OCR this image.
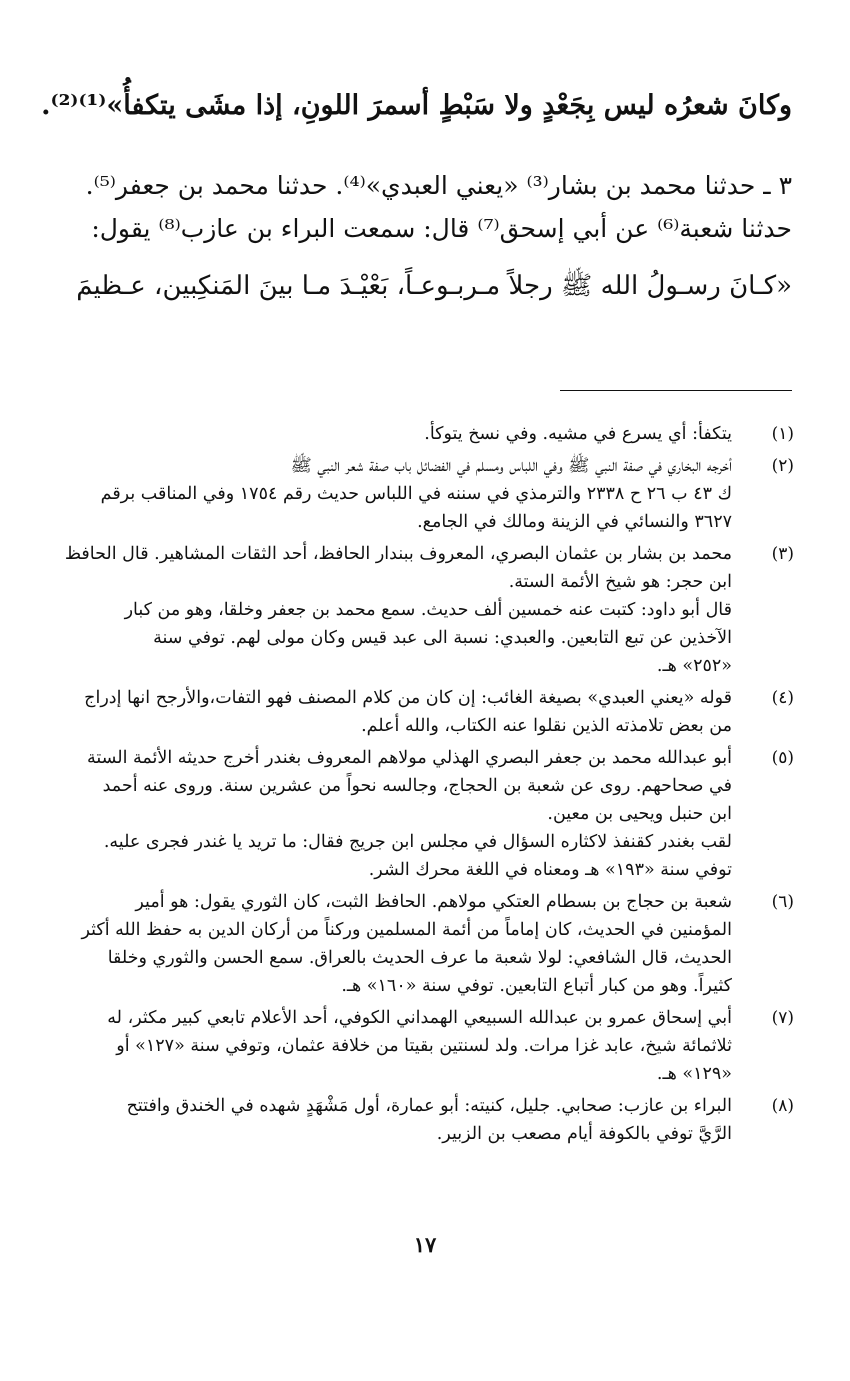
وكانَ شعرُه ليس بِجَعْدٍ ولا سَبْطٍ أسمرَ اللونِ، إذا مشَى يتكفأُ»⁽¹⁾⁽²⁾.
٣ ـ حدثنا محمد بن بشار⁽³⁾ «يعني العبدي»⁽⁴⁾. حدثنا محمد بن جعفر⁽⁵⁾.
حدثنا شعبة⁽⁶⁾ عن أبي إسحق⁽⁷⁾ قال: سمعت البراء بن عازب⁽⁸⁾ يقول:
«كـانَ رسـولُ الله ﷺ رجلاً مـربـوعـاً، بَعْيْـدَ مـا بينَ المَنكِبين، عـظيمَ
(١)
يتكفأ: أي يسرع في مشيه. وفي نسخ يتوكأ.
(٢)
أخرجه البخاري في صفة النبي ﷺ وفي اللباس ومسلم في الفضائل باب صفة شعر النبي ﷺ
ك ٤٣ ب ٢٦ ح ٢٣٣٨ والترمذي في سننه في اللباس حديث رقم ١٧٥٤ وفي المناقب برقم
٣٦٢٧ والنسائي في الزينة ومالك في الجامع.
(٣)
محمد بن بشار بن عثمان البصري، المعروف ببندار الحافظ، أحد الثقات المشاهير. قال الحافظ
ابن حجر: هو شيخ الأئمة الستة.
قال أبو داود: كتبت عنه خمسين ألف حديث. سمع محمد بن جعفر وخلقا، وهو من كبار
الآخذين عن تبع التابعين. والعبدي: نسبة الى عبد قيس وكان مولى لهم. توفي سنة
«٢٥٢» هـ.
(٤)
قوله «يعني العبدي» بصيغة الغائب: إن كان من كلام المصنف فهو التفات،والأرجح انها إدراج
من بعض تلامذته الذين نقلوا عنه الكتاب، والله أعلم.
(٥)
أبو عبدالله محمد بن جعفر البصري الهذلي مولاهم المعروف بغندر أخرج حديثه الأئمة الستة
في صحاحهم. روى عن شعبة بن الحجاج، وجالسه نحواً من عشرين سنة. وروى عنه أحمد
ابن حنبل ويحيى بن معين.
لقب بغندر كقنفذ لاكثاره السؤال في مجلس ابن جريج فقال: ما تريد يا غندر فجرى عليه.
توفي سنة «١٩٣» هـ ومعناه في اللغة محرك الشر.
(٦)
شعبة بن حجاج بن بسطام العتكي مولاهم. الحافظ الثبت، كان الثوري يقول: هو أمير
المؤمنين في الحديث، كان إماماً من أئمة المسلمين وركناً من أركان الدين به حفظ الله أكثر
الحديث، قال الشافعي: لولا شعبة ما عرف الحديث بالعراق. سمع الحسن والثوري وخلقا
كثيراً. وهو من كبار أتباع التابعين. توفي سنة «١٦٠» هـ.
(٧)
أبي إسحاق عمرو بن عبدالله السبيعي الهمداني الكوفي، أحد الأعلام تابعي كبير مكثر، له
ثلاثمائة شيخ، عابد غزا مرات. ولد لسنتين بقيتا من خلافة عثمان، وتوفي سنة «١٢٧» أو
«١٢٩» هـ.
(٨)
البراء بن عازب: صحابي. جليل، كنيته: أبو عمارة، أول مَشْهَدٍ شهده في الخندق وافتتح
الرَّيَّ توفي بالكوفة أيام مصعب بن الزبير.
١٧
